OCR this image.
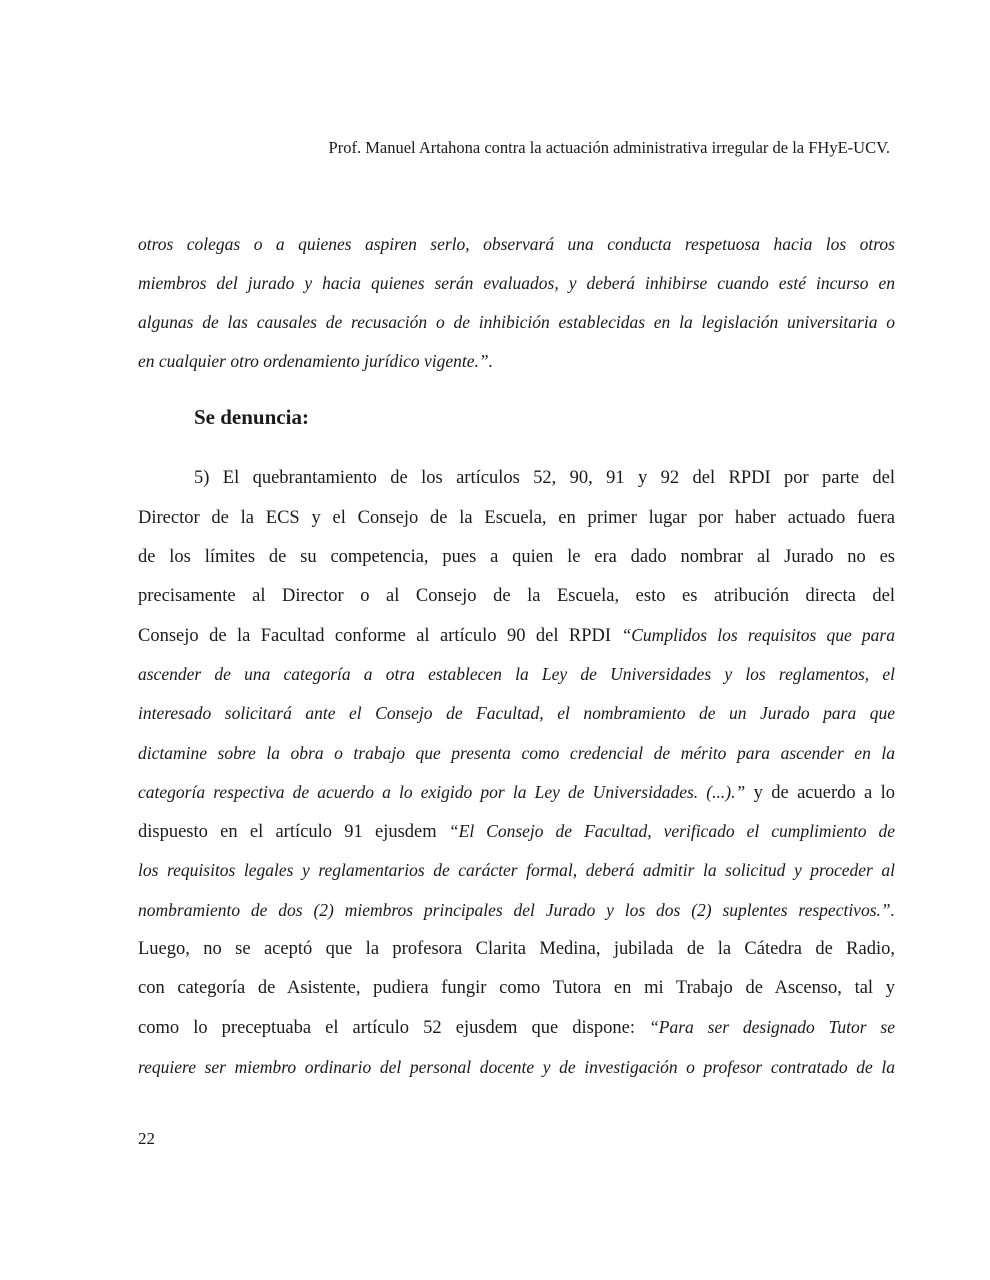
Prof. Manuel Artahona contra la actuación administrativa irregular de la FHyE-UCV.
otros colegas o a quienes aspiren serlo, observará una conducta respetuosa hacia los otros
miembros del jurado y hacia quienes serán evaluados, y deberá inhibirse cuando esté incurso en
algunas de las causales de recusación o de inhibición establecidas en la legislación universitaria o
en cualquier otro ordenamiento jurídico vigente.”.
Se denuncia:
5) El quebrantamiento de los artículos 52, 90, 91 y 92 del RPDI por parte del
Director de la ECS y el Consejo de la Escuela, en primer lugar por haber actuado fuera
de los límites de su competencia, pues a quien le era dado nombrar al Jurado no es
precisamente al Director o al Consejo de la Escuela, esto es atribución directa del
Consejo de la Facultad conforme al artículo 90 del RPDI “Cumplidos los requisitos que para
ascender de una categoría a otra establecen la Ley de Universidades y los reglamentos, el
interesado solicitará ante el Consejo de Facultad, el nombramiento de un Jurado para que
dictamine sobre la obra o trabajo que presenta como credencial de mérito para ascender en la
categoría respectiva de acuerdo a lo exigido por la Ley de Universidades. (...).” y de acuerdo a lo
dispuesto en el artículo 91 ejusdem “El Consejo de Facultad, verificado el cumplimiento de
los requisitos legales y reglamentarios de carácter formal, deberá admitir la solicitud y proceder al
nombramiento de dos (2) miembros principales del Jurado y los dos (2) suplentes respectivos.”.
Luego, no se aceptó que la profesora Clarita Medina, jubilada de la Cátedra de Radio,
con categoría de Asistente, pudiera fungir como Tutora en mi Trabajo de Ascenso, tal y
como lo preceptuaba el artículo 52 ejusdem que dispone: “Para ser designado Tutor se
requiere ser miembro ordinario del personal docente y de investigación o profesor contratado de la
22
